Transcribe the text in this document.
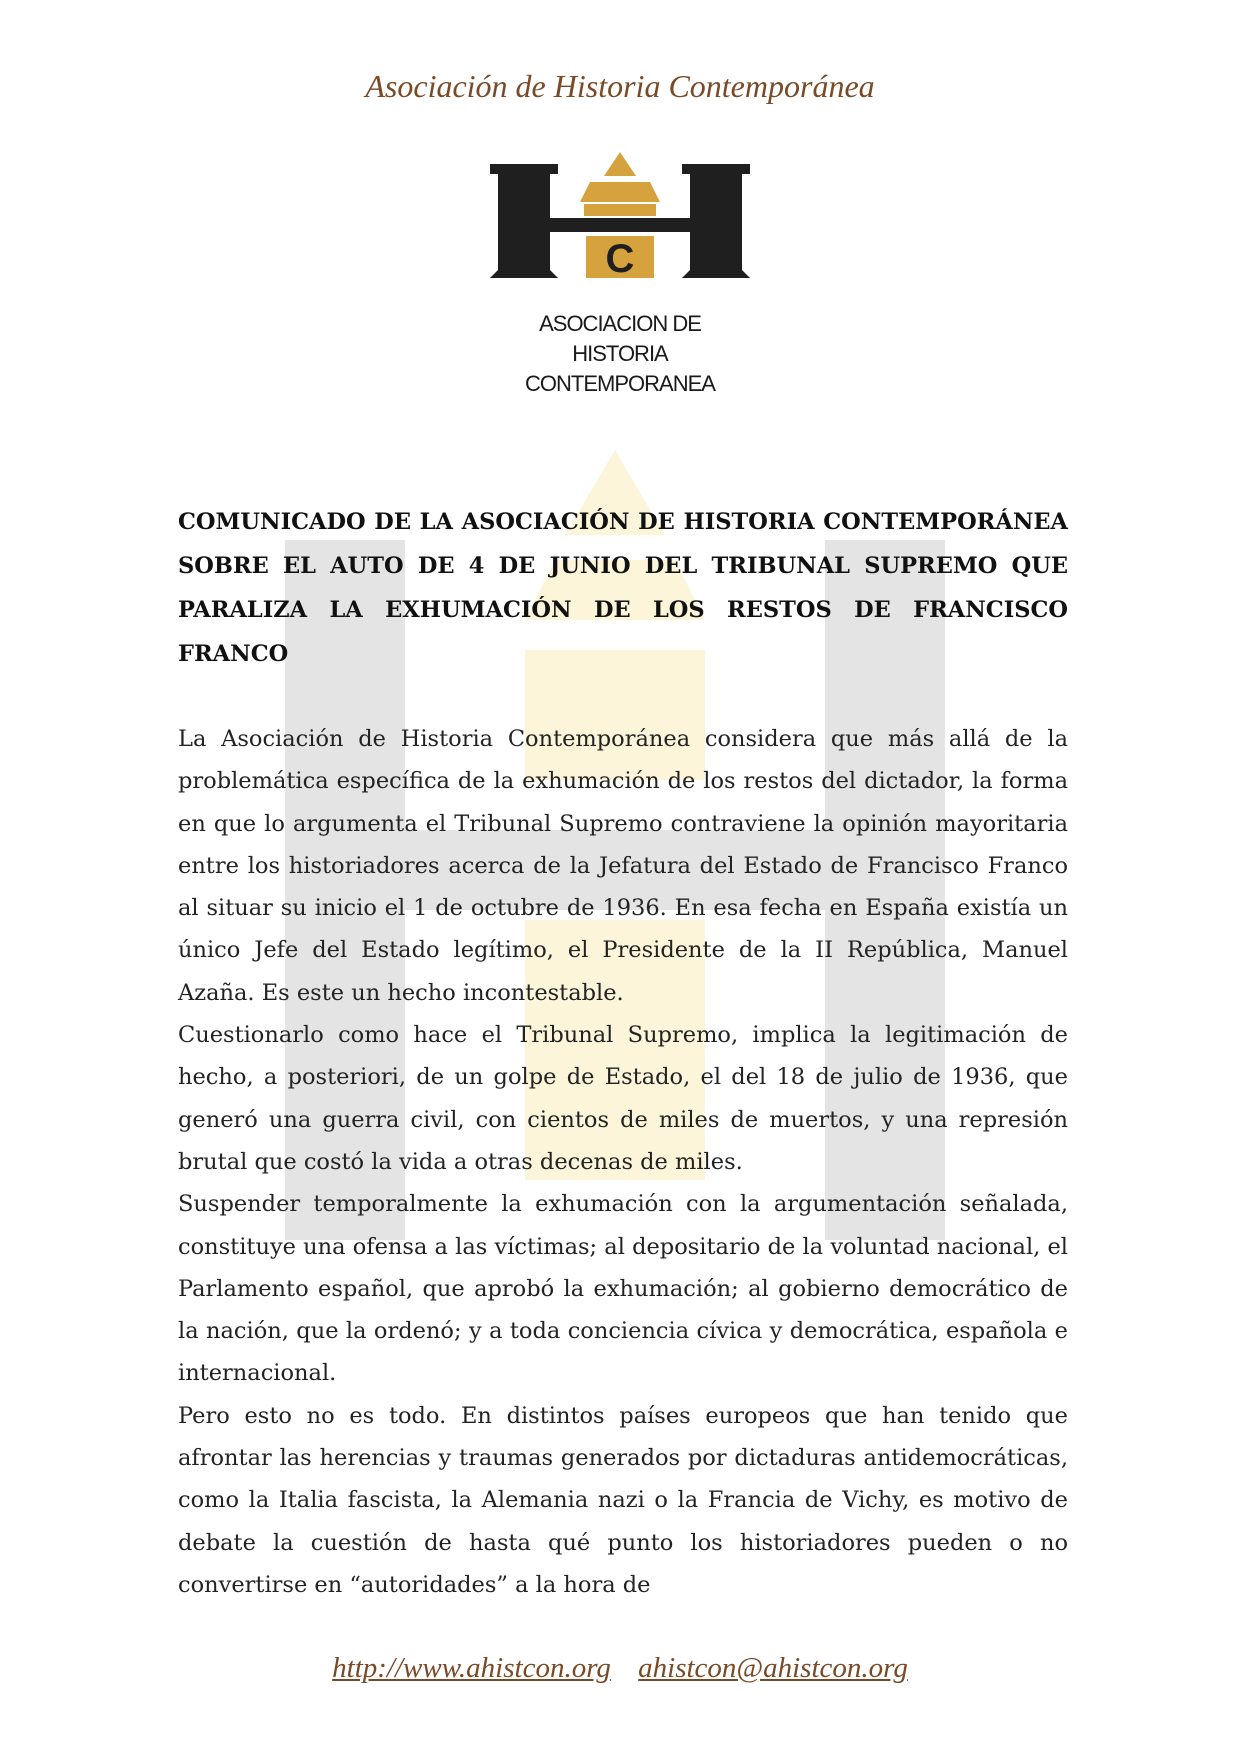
Asociación de Historia Contemporánea
C
ASOCIACION DE
HISTORIA
CONTEMPORANEA
COMUNICADO DE LA ASOCIACIÓN DE HISTORIA CONTEMPORÁNEA SOBRE EL AUTO DE 4 DE JUNIO DEL TRIBUNAL SUPREMO QUE PARALIZA LA EXHUMACIÓN DE LOS RESTOS DE FRANCISCO FRANCO

La Asociación de Historia Contemporánea considera que más allá de la problemática específica de la exhumación de los restos del dictador, la forma en que lo argumenta el Tribunal Supremo contraviene la opinión mayoritaria entre los historiadores acerca de la Jefatura del Estado de Francisco Franco al situar su inicio el 1 de octubre de 1936. En esa fecha en España existía un único Jefe del Estado legítimo, el Presidente de la II República, Manuel Azaña. Es este un hecho incontestable.

Cuestionarlo como hace el Tribunal Supremo, implica la legitimación de hecho, a posteriori, de un golpe de Estado, el del 18 de julio de 1936, que generó una guerra civil, con cientos de miles de muertos, y una represión brutal que costó la vida a otras decenas de miles.

Suspender temporalmente la exhumación con la argumentación señalada, constituye una ofensa a las víctimas; al depositario de la voluntad nacional, el Parlamento español, que aprobó la exhumación; al gobierno democrático de la nación, que la ordenó; y a toda conciencia cívica y democrática, española e internacional.

Pero esto no es todo. En distintos países europeos que han tenido que afrontar las herencias y traumas generados por dictaduras antidemocráticas, como la Italia fascista, la Alemania nazi o la Francia de Vichy, es motivo de debate la cuestión de hasta qué punto los historiadores pueden o no convertirse en “autoridades” a la hora de

http://www.ahistcon.org ahistcon@ahistcon.org
